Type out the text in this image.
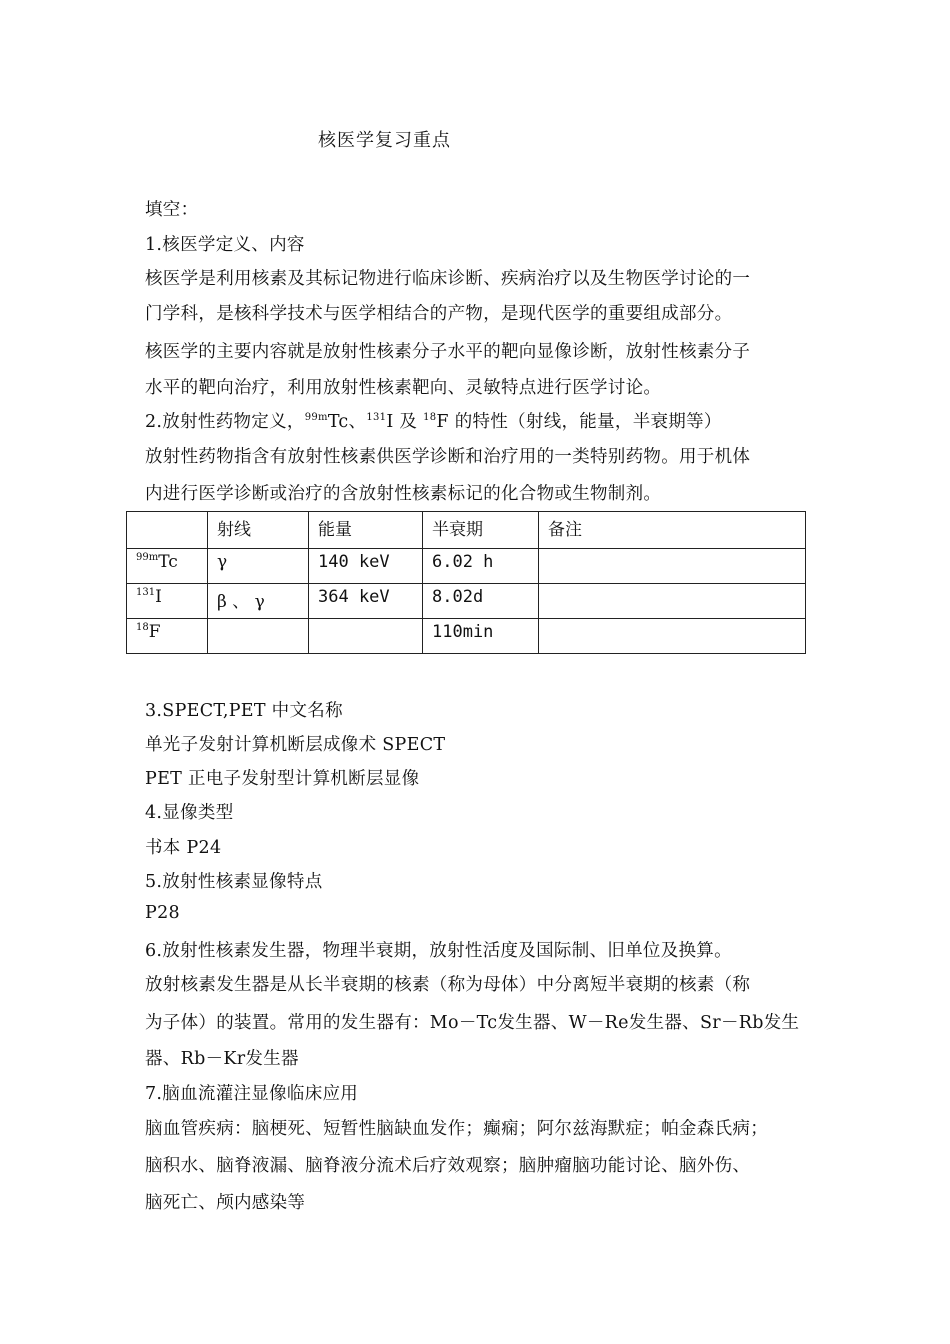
核医学复习重点
填空：
1.核医学定义、内容
核医学是利用核素及其标记物进行临床诊断、疾病治疗以及生物医学讨论的一
门学科，是核科学技术与医学相结合的产物，是现代医学的重要组成部分。
核医学的主要内容就是放射性核素分子水平的靶向显像诊断，放射性核素分子
水平的靶向治疗，利用放射性核素靶向、灵敏特点进行医学讨论。
2.放射性药物定义，$^{99m}$Tc、$^{131}$I 及 $^{18}$F 的特性（射线，能量，半衰期等）
放射性药物指含有放射性核素供医学诊断和治疗用的一类特别药物。用于机体
内进行医学诊断或治疗的含放射性核素标记的化合物或生物制剂。
	射线	能量	半衰期	备注
$^{99m}$Tc	γ	140 keV	6.02 h	
$^{131}$I	β 、 γ	364 keV	8.02d	
$^{18}$F			110min	
3.SPECT,PET 中文名称
单光子发射计算机断层成像术 SPECT
PET 正电子发射型计算机断层显像
4.显像类型
书本 P24
5.放射性核素显像特点
P28
6.放射性核素发生器，物理半衰期，放射性活度及国际制、旧单位及换算。
放射核素发生器是从长半衰期的核素（称为母体）中分离短半衰期的核素（称
为子体）的装置。常用的发生器有：Mo－Tc发生器、W－Re发生器、Sr－Rb发生
器、Rb－Kr发生器
7.脑血流灌注显像临床应用
脑血管疾病：脑梗死、短暂性脑缺血发作；癫痫；阿尔兹海默症；帕金森氏病；
脑积水、脑脊液漏、脑脊液分流术后疗效观察；脑肿瘤脑功能讨论、脑外伤、
脑死亡、颅内感染等
